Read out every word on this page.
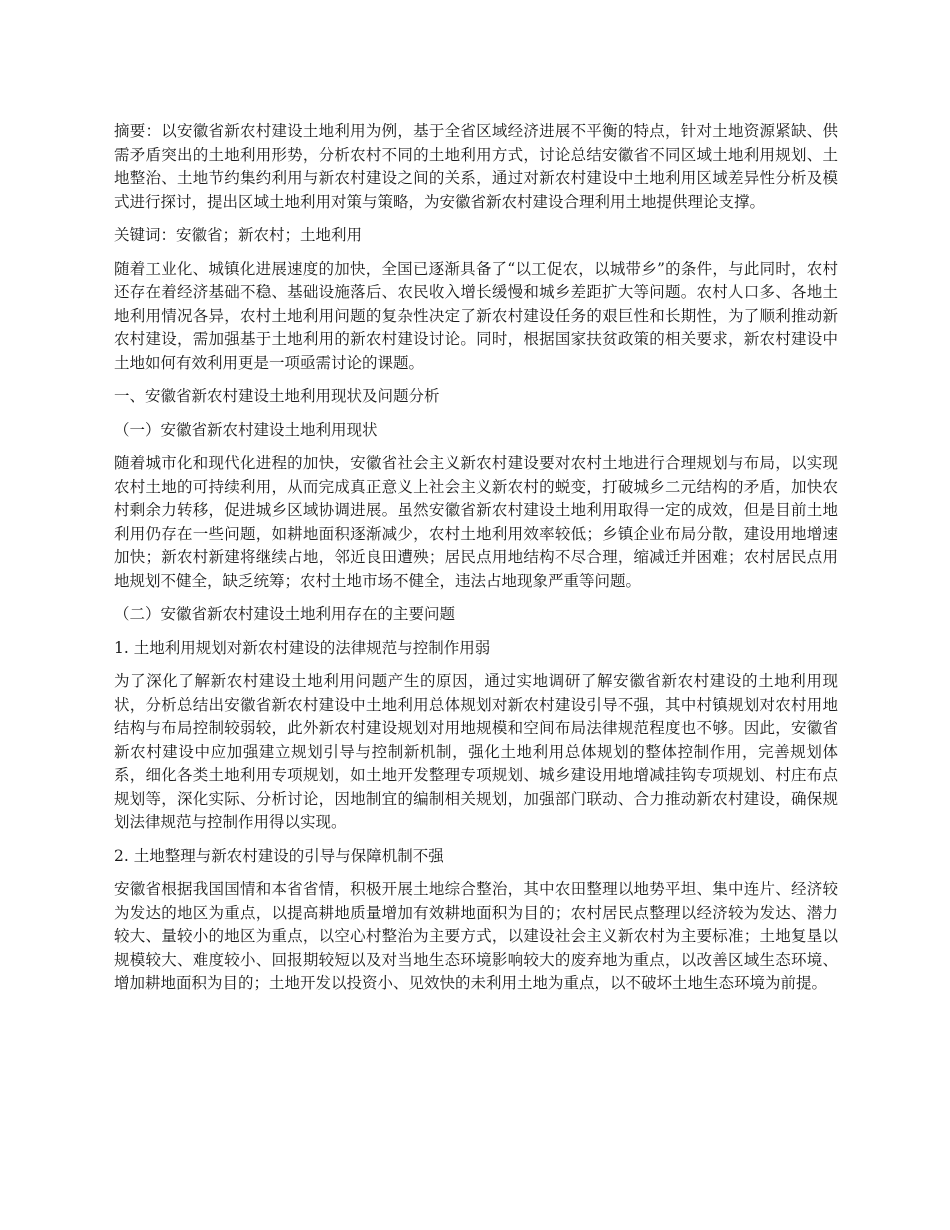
摘要：以安徽省新农村建设土地利用为例，基于全省区域经济进展不平衡的特点，针对土地资源紧缺、供需矛盾突出的土地利用形势，分析农村不同的土地利用方式，讨论总结安徽省不同区域土地利用规划、土地整治、土地节约集约利用与新农村建设之间的关系，通过对新农村建设中土地利用区域差异性分析及模式进行探讨，提出区域土地利用对策与策略，为安徽省新农村建设合理利用土地提供理论支撑。

关键词：安徽省；新农村；土地利用

随着工业化、城镇化进展速度的加快，全国已逐渐具备了“以工促农，以城带乡”的条件，与此同时，农村还存在着经济基础不稳、基础设施落后、农民收入增长缓慢和城乡差距扩大等问题。农村人口多、各地土地利用情况各异，农村土地利用问题的复杂性决定了新农村建设任务的艰巨性和长期性，为了顺利推动新农村建设，需加强基于土地利用的新农村建设讨论。同时，根据国家扶贫政策的相关要求，新农村建设中土地如何有效利用更是一项亟需讨论的课题。

一、安徽省新农村建设土地利用现状及问题分析

（一）安徽省新农村建设土地利用现状

随着城市化和现代化进程的加快，安徽省社会主义新农村建设要对农村土地进行合理规划与布局，以实现农村土地的可持续利用，从而完成真正意义上社会主义新农村的蜕变，打破城乡二元结构的矛盾，加快农村剩余力转移，促进城乡区域协调进展。虽然安徽省新农村建设土地利用取得一定的成效，但是目前土地利用仍存在一些问题，如耕地面积逐渐减少，农村土地利用效率较低；乡镇企业布局分散，建设用地增速加快；新农村新建将继续占地，邻近良田遭殃；居民点用地结构不尽合理，缩减迁并困难；农村居民点用地规划不健全，缺乏统筹；农村土地市场不健全，违法占地现象严重等问题。

（二）安徽省新农村建设土地利用存在的主要问题

1. 土地利用规划对新农村建设的法律规范与控制作用弱

为了深化了解新农村建设土地利用问题产生的原因，通过实地调研了解安徽省新农村建设的土地利用现状，分析总结出安徽省新农村建设中土地利用总体规划对新农村建设引导不强，其中村镇规划对农村用地结构与布局控制较弱较，此外新农村建设规划对用地规模和空间布局法律规范程度也不够。因此，安徽省新农村建设中应加强建立规划引导与控制新机制，强化土地利用总体规划的整体控制作用，完善规划体系，细化各类土地利用专项规划，如土地开发整理专项规划、城乡建设用地增减挂钩专项规划、村庄布点规划等，深化实际、分析讨论，因地制宜的编制相关规划，加强部门联动、合力推动新农村建设，确保规划法律规范与控制作用得以实现。

2. 土地整理与新农村建设的引导与保障机制不强

安徽省根据我国国情和本省省情，积极开展土地综合整治，其中农田整理以地势平坦、集中连片、经济较为发达的地区为重点，以提高耕地质量增加有效耕地面积为目的；农村居民点整理以经济较为发达、潜力较大、量较小的地区为重点，以空心村整治为主要方式，以建设社会主义新农村为主要标准；土地复垦以规模较大、难度较小、回报期较短以及对当地生态环境影响较大的废弃地为重点，以改善区域生态环境、增加耕地面积为目的；土地开发以投资小、见效快的未利用土地为重点，以不破坏土地生态环境为前提。
